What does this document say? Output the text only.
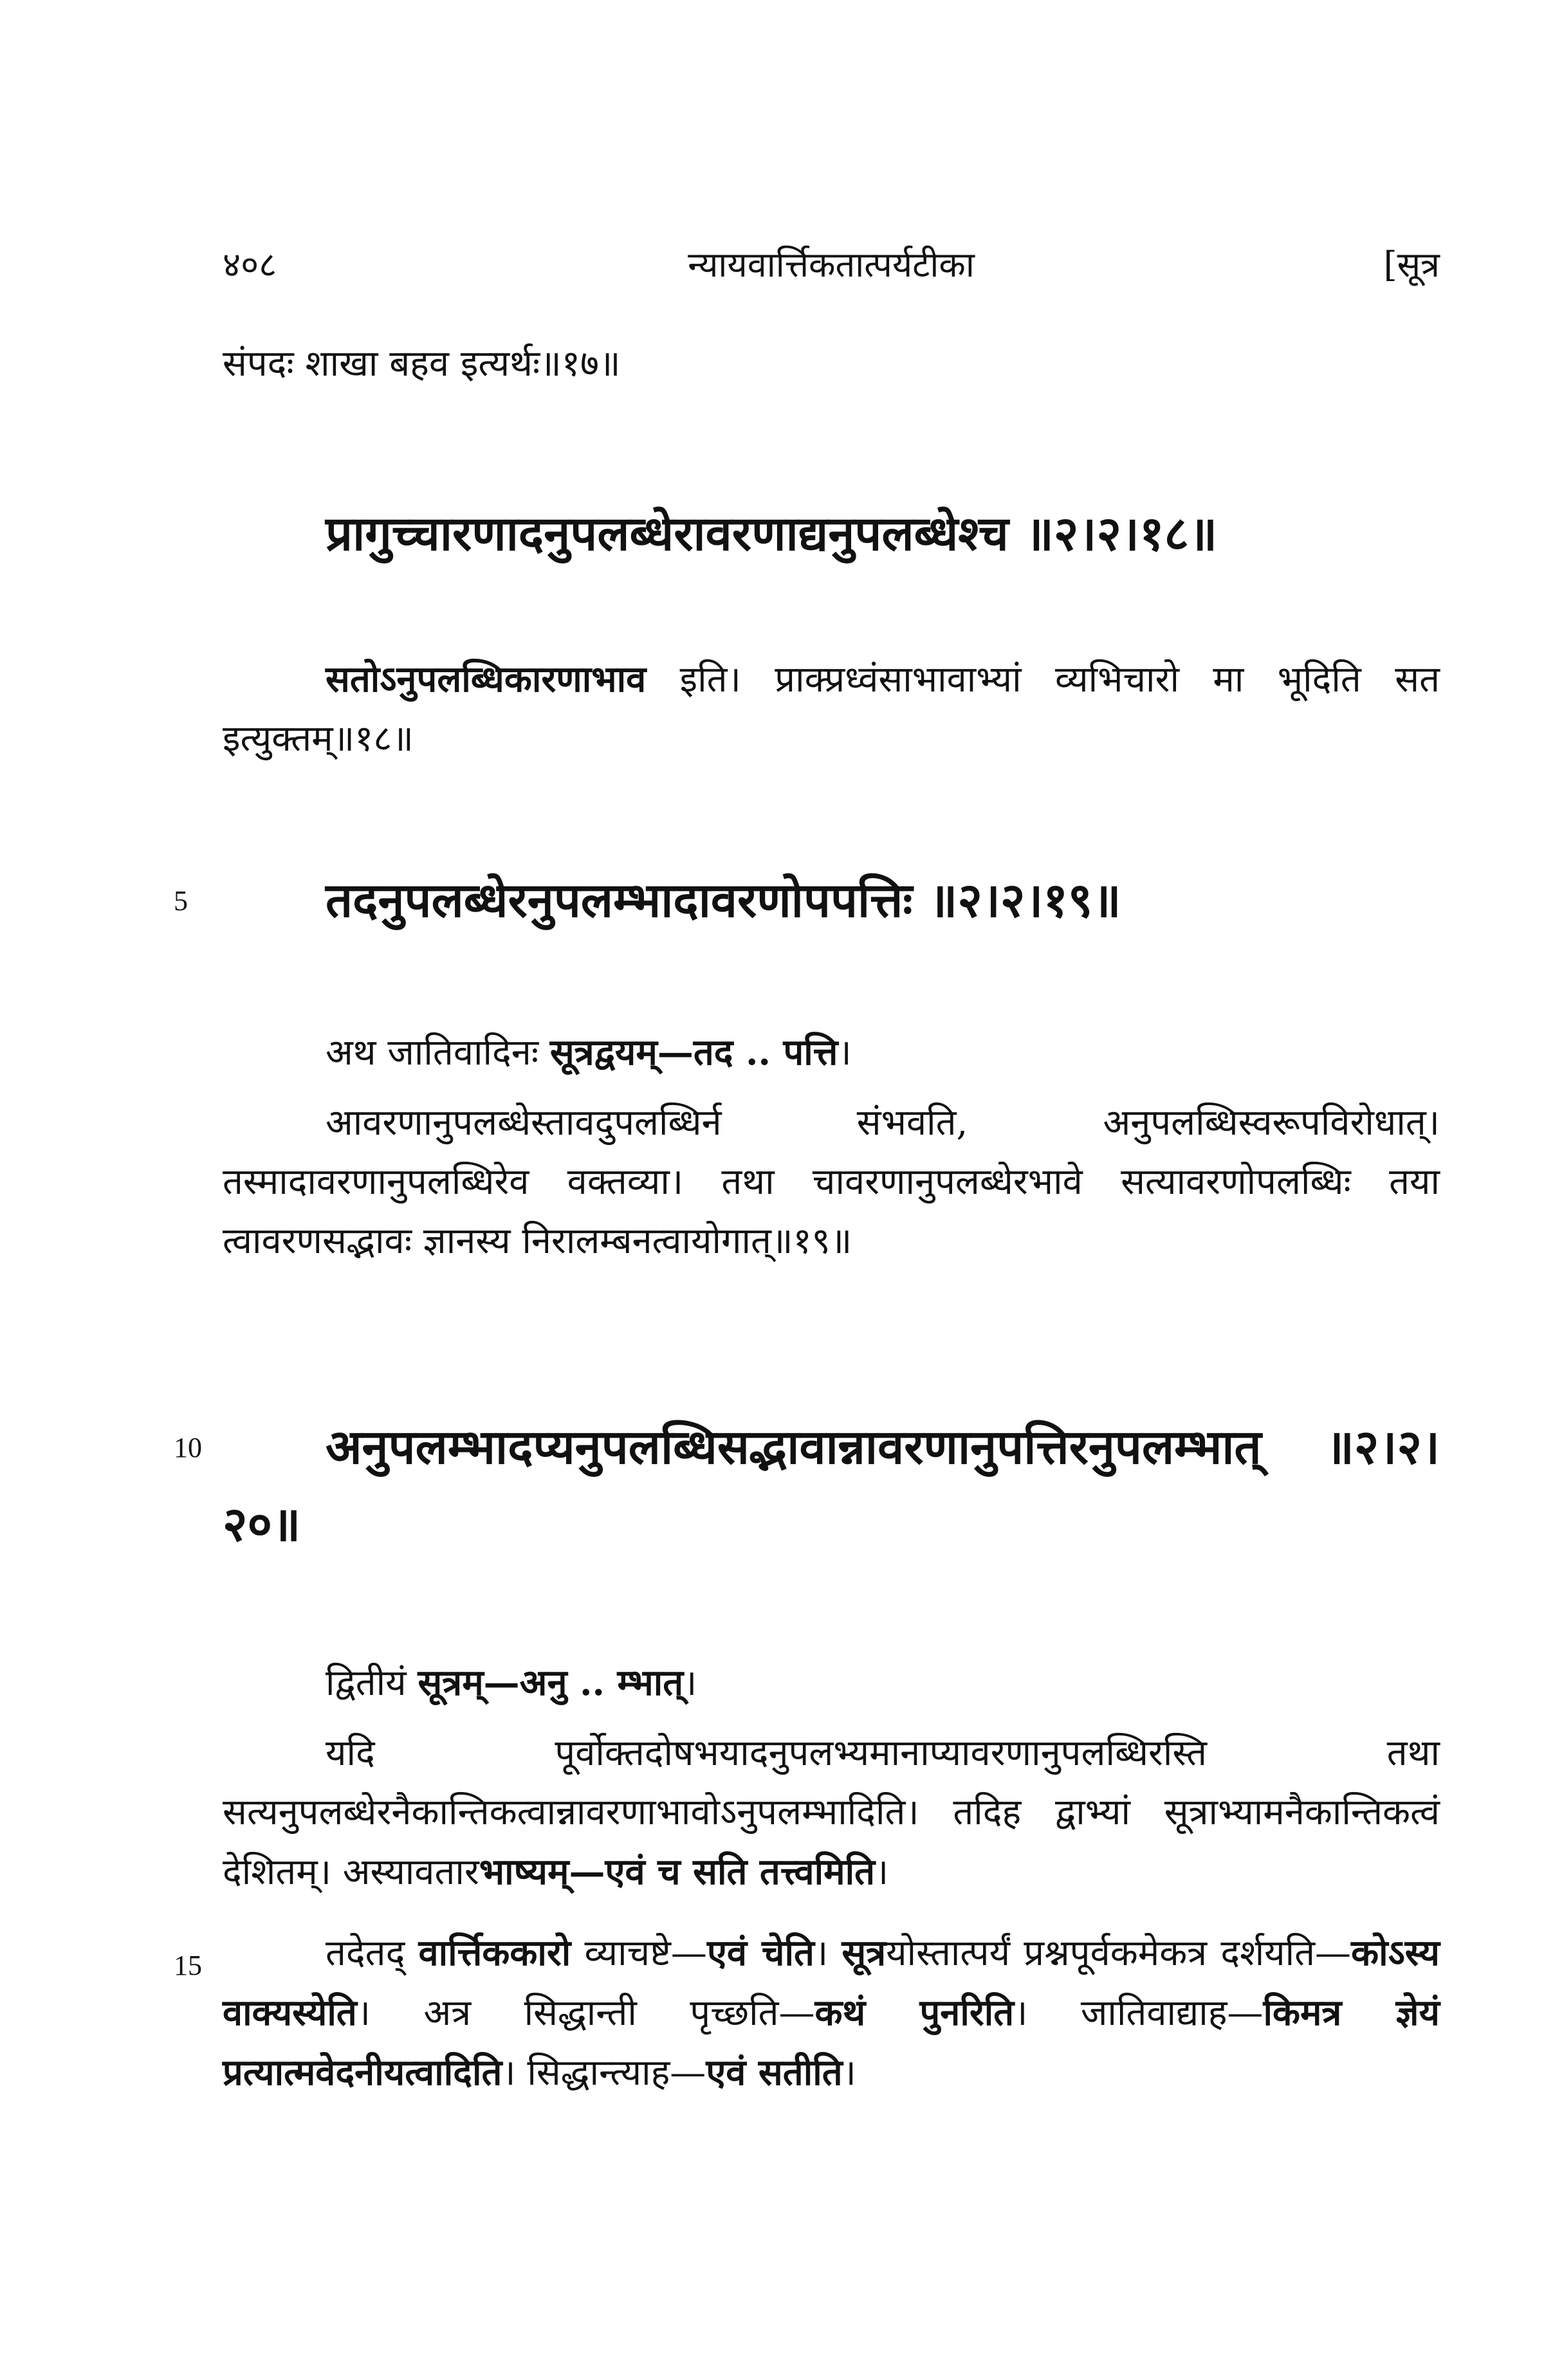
४०८	न्यायवार्त्तिकतात्पर्यटीका	[सूत्र
संपदः शाखा बहव इत्यर्थः॥१७॥
प्रागुच्चारणादनुपलब्धेरावरणाद्यनुपलब्धेश्च ॥२।२।१८॥
सतोऽनुपलब्धिकारणाभाव इति। प्राक्प्रध्वंसाभावाभ्यां व्यभिचारो मा भूदिति सत इत्युक्तम्॥१८॥
5	तदनुपलब्धेरनुपलम्भादावरणोपपत्तिः ॥२।२।१९॥
अथ जातिवादिनः सूत्रद्वयम्—तद .. पत्ति।
आवरणानुपलब्धेस्तावदुपलब्धिर्न संभवति, अनुपलब्धिस्वरूपविरोधात्। तस्मादावरणानुपलब्धिरेव वक्तव्या। तथा चावरणानुपलब्धेरभावे सत्यावरणोपलब्धिः तया त्वावरणसद्भावः ज्ञानस्य निरालम्बनत्वायोगात्॥१९॥
10	अनुपलम्भादप्यनुपलब्धिसद्भावान्नावरणानुपत्तिरनुपलम्भात् ॥२।२।२०॥
द्वितीयं सूत्रम्—अनु .. म्भात्।
यदि पूर्वोक्तदोषभयादनुपलभ्यमानाप्यावरणानुपलब्धिरस्ति तथा सत्यनुपलब्धेरनैकान्तिकत्वान्नावरणाभावोऽनुपलम्भादिति। तदिह द्वाभ्यां सूत्राभ्यामनैकान्तिकत्वं देशितम्। अस्यावतारभाष्यम्—एवं च सति तत्त्वमिति।
15	तदेतद् वार्त्तिककारो व्याचष्टे—एवं चेति। सूत्रयोस्तात्पर्यं प्रश्नपूर्वकमेकत्र दर्शयति—कोऽस्य वाक्यस्येति। अत्र सिद्धान्ती पृच्छति—कथं पुनरिति। जातिवाद्याह—किमत्र ज्ञेयं प्रत्यात्मवेदनीयत्वादिति। सिद्धान्त्याह—एवं सतीति।
